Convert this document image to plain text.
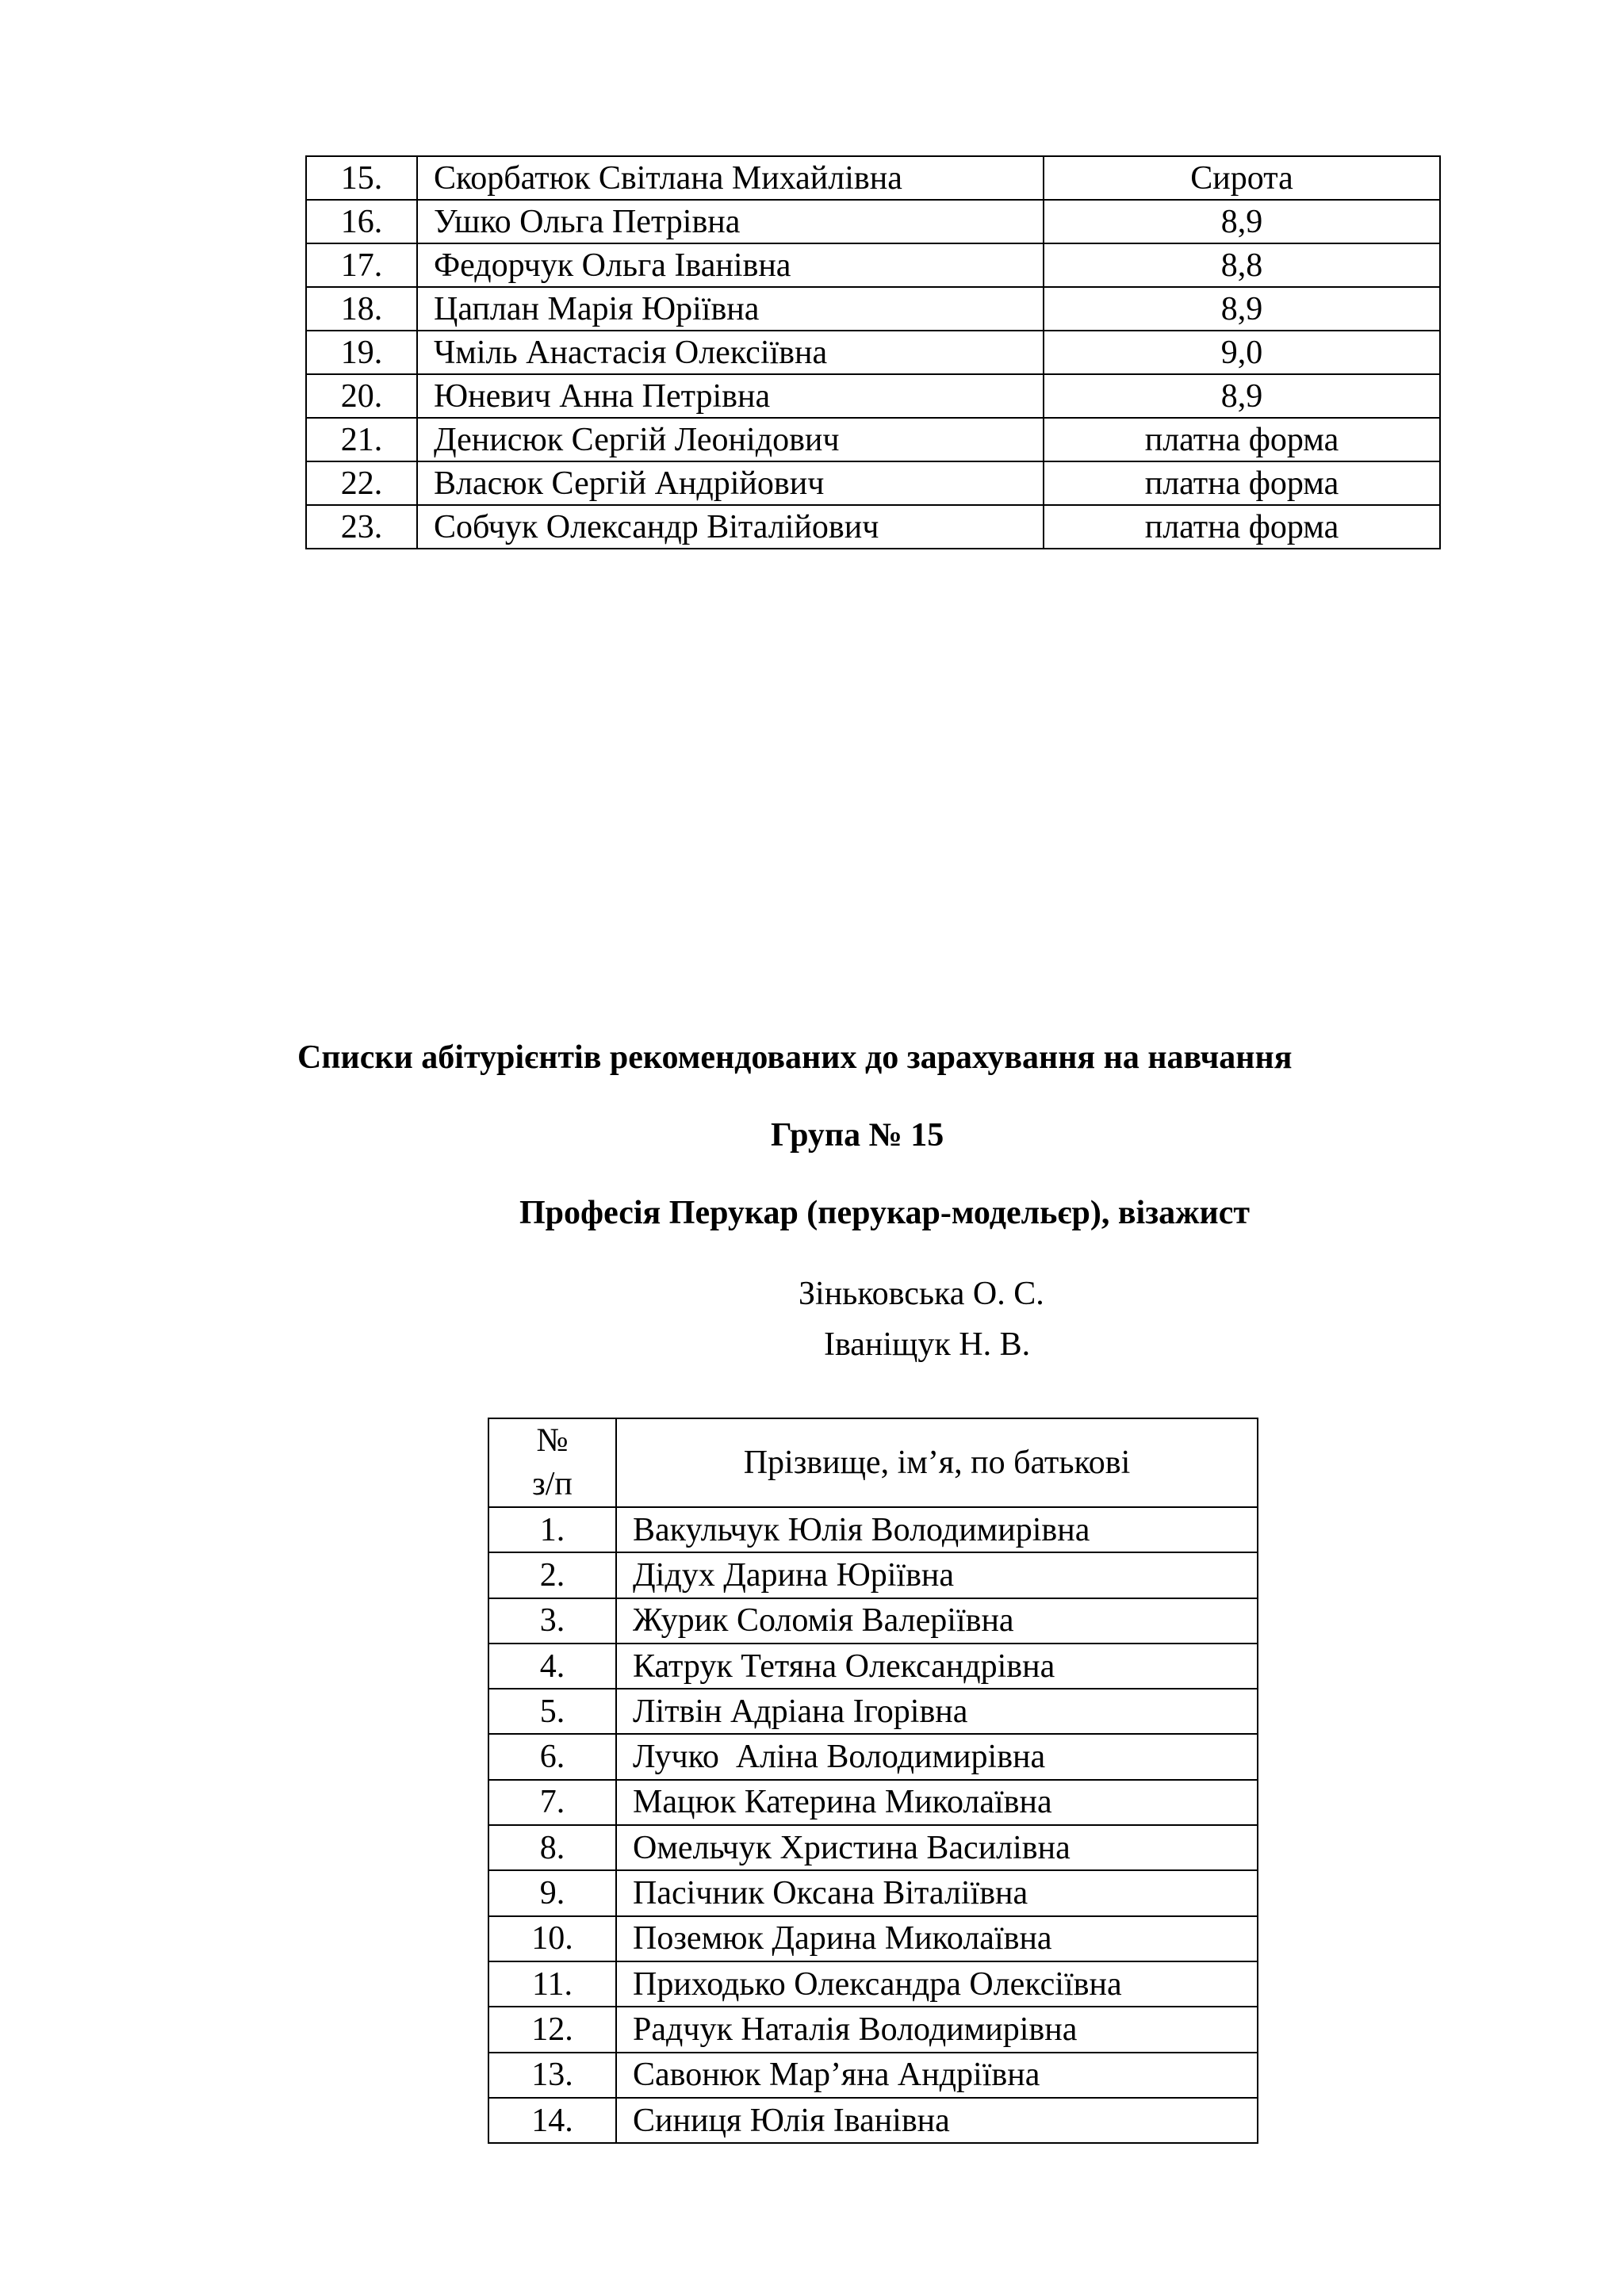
15.	Скорбатюк Світлана Михайлівна	Сирота
16.	Ушко Ольга Петрівна	8,9
17.	Федорчук Ольга Іванівна	8,8
18.	Цаплан Марія Юріївна	8,9
19.	Чміль Анастасія Олексіївна	9,0
20.	Юневич Анна Петрівна	8,9
21.	Денисюк Сергій Леонідович	платна форма
22.	Власюк Сергій Андрійович	платна форма
23.	Собчук Олександр Віталійович	платна форма
Списки абітурієнтів рекомендованих до зарахування на навчання
Група № 15
Професія Перукар (перукар-модельєр), візажист
Зіньковська О. С.
Іваніщук Н. В.
№
з/п	Прізвище, ім’я, по батькові
1.	Вакульчук Юлія Володимирівна
2.	Дідух Дарина Юріївна
3.	Журик Соломія Валеріївна
4.	Катрук Тетяна Олександрівна
5.	Літвін Адріана Ігорівна
6.	Лучко  Аліна Володимирівна
7.	Мацюк Катерина Миколаївна
8.	Омельчук Христина Василівна
9.	Пасічник Оксана Віталіївна
10.	Поземюк Дарина Миколаївна
11.	Приходько Олександра Олексіївна
12.	Радчук Наталія Володимирівна
13.	Савонюк Мар’яна Андріївна
14.	Синиця Юлія Іванівна
